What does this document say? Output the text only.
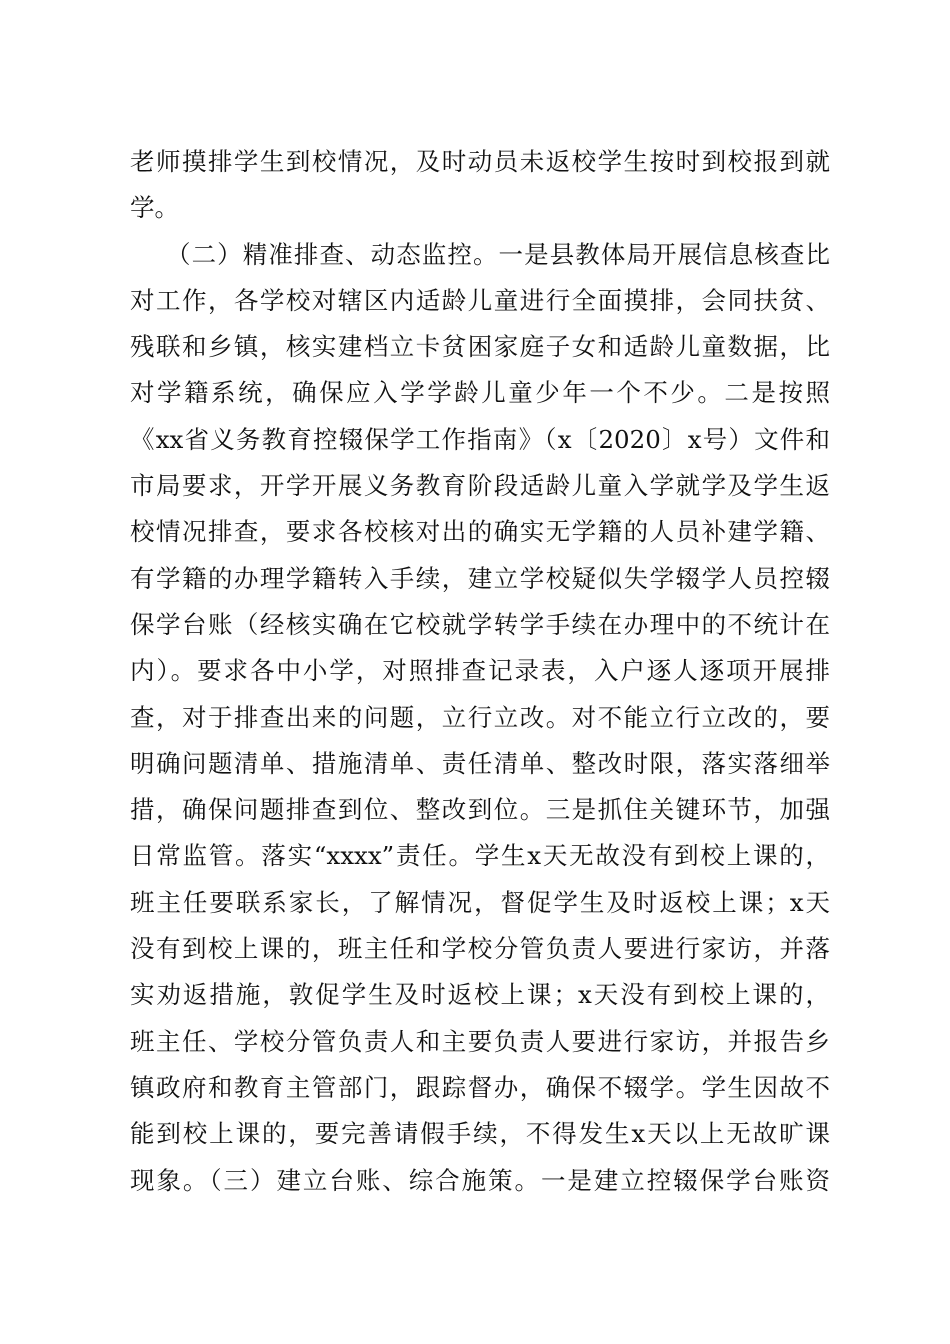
老师摸排学生到校情况，及时动员未返校学生按时到校报到就
学。
（二）精准排查、动态监控。一是县教体局开展信息核查比
对工作，各学校对辖区内适龄儿童进行全面摸排，会同扶贫、
残联和乡镇，核实建档立卡贫困家庭子女和适龄儿童数据，比
对学籍系统，确保应入学学龄儿童少年一个不少。二是按照
《xx省义务教育控辍保学工作指南》（x〔2020〕x号）文件和
市局要求，开学开展义务教育阶段适龄儿童入学就学及学生返
校情况排查，要求各校核对出的确实无学籍的人员补建学籍、
有学籍的办理学籍转入手续，建立学校疑似失学辍学人员控辍
保学台账（经核实确在它校就学转学手续在办理中的不统计在
内）。要求各中小学，对照排查记录表，入户逐人逐项开展排
查，对于排查出来的问题，立行立改。对不能立行立改的，要
明确问题清单、措施清单、责任清单、整改时限，落实落细举
措，确保问题排查到位、整改到位。三是抓住关键环节，加强
日常监管。落实“xxxx”责任。学生x天无故没有到校上课的，
班主任要联系家长，了解情况，督促学生及时返校上课；x天
没有到校上课的，班主任和学校分管负责人要进行家访，并落
实劝返措施，敦促学生及时返校上课；x天没有到校上课的，
班主任、学校分管负责人和主要负责人要进行家访，并报告乡
镇政府和教育主管部门，跟踪督办，确保不辍学。学生因故不
能到校上课的，要完善请假手续，不得发生x天以上无故旷课
现象。（三）建立台账、综合施策。一是建立控辍保学台账资
